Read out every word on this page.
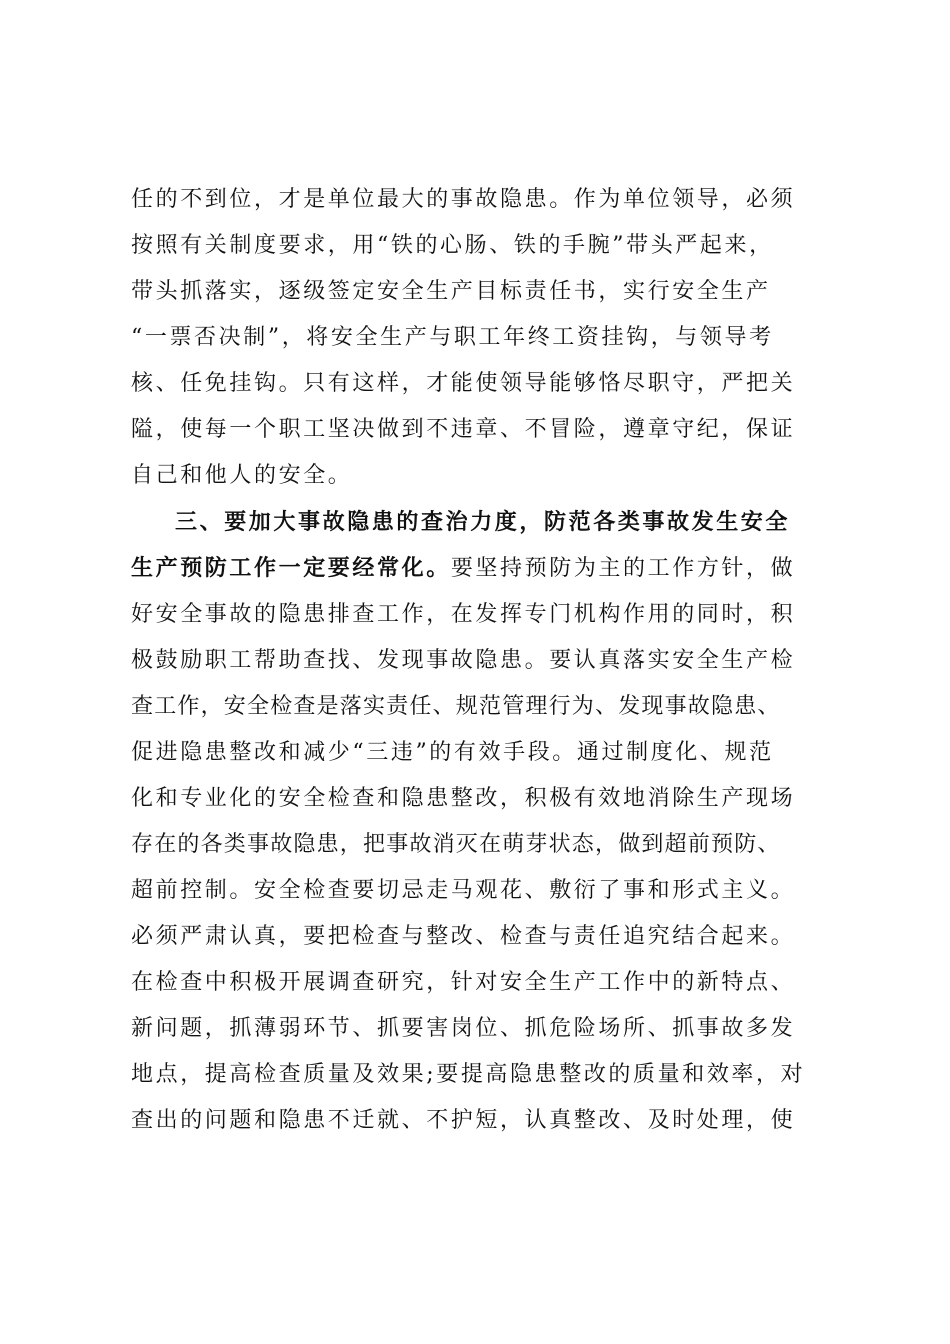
任的不到位，才是单位最大的事故隐患。作为单位领导，必须
按照有关制度要求，用“铁的心肠、铁的手腕”带头严起来，
带头抓落实，逐级签定安全生产目标责任书，实行安全生产
“一票否决制”，将安全生产与职工年终工资挂钩，与领导考
核、任免挂钩。只有这样，才能使领导能够恪尽职守，严把关
隘，使每一个职工坚决做到不违章、不冒险，遵章守纪，保证
自己和他人的安全。
三、要加大事故隐患的查治力度，防范各类事故发生安全
生产预防工作一定要经常化。要坚持预防为主的工作方针，做
好安全事故的隐患排查工作，在发挥专门机构作用的同时，积
极鼓励职工帮助查找、发现事故隐患。要认真落实安全生产检
查工作，安全检查是落实责任、规范管理行为、发现事故隐患、
促进隐患整改和减少“三违”的有效手段。通过制度化、规范
化和专业化的安全检查和隐患整改，积极有效地消除生产现场
存在的各类事故隐患，把事故消灭在萌芽状态，做到超前预防、
超前控制。安全检查要切忌走马观花、敷衍了事和形式主义。
必须严肃认真，要把检查与整改、检查与责任追究结合起来。
在检查中积极开展调查研究，针对安全生产工作中的新特点、
新问题，抓薄弱环节、抓要害岗位、抓危险场所、抓事故多发
地点，提高检查质量及效果;要提高隐患整改的质量和效率，对
查出的问题和隐患不迁就、不护短，认真整改、及时处理，使
